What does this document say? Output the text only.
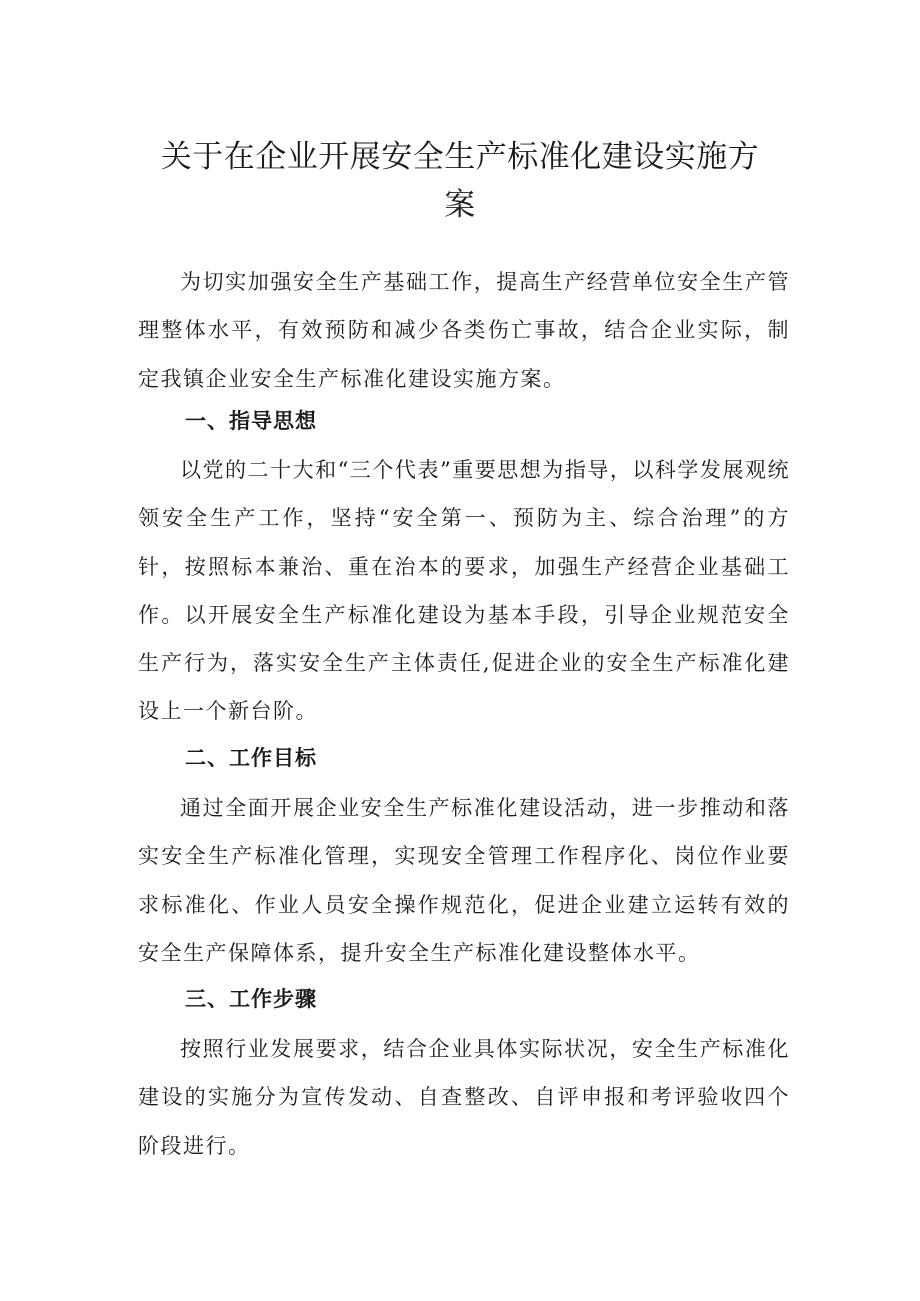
关于在企业开展安全生产标准化建设实施方
案

为切实加强安全生产基础工作，提高生产经营单位安全生产管理整体水平，有效预防和减少各类伤亡事故，结合企业实际，制定我镇企业安全生产标准化建设实施方案。

一、指导思想

以党的二十大和“三个代表”重要思想为指导，以科学发展观统领安全生产工作，坚持“安全第一、预防为主、综合治理”的方针，按照标本兼治、重在治本的要求，加强生产经营企业基础工作。以开展安全生产标准化建设为基本手段，引导企业规范安全生产行为，落实安全生产主体责任,促进企业的安全生产标准化建设上一个新台阶。

二、工作目标

通过全面开展企业安全生产标准化建设活动，进一步推动和落实安全生产标准化管理，实现安全管理工作程序化、岗位作业要求标准化、作业人员安全操作规范化，促进企业建立运转有效的安全生产保障体系，提升安全生产标准化建设整体水平。

三、工作步骤

按照行业发展要求，结合企业具体实际状况，安全生产标准化建设的实施分为宣传发动、自查整改、自评申报和考评验收四个阶段进行。
